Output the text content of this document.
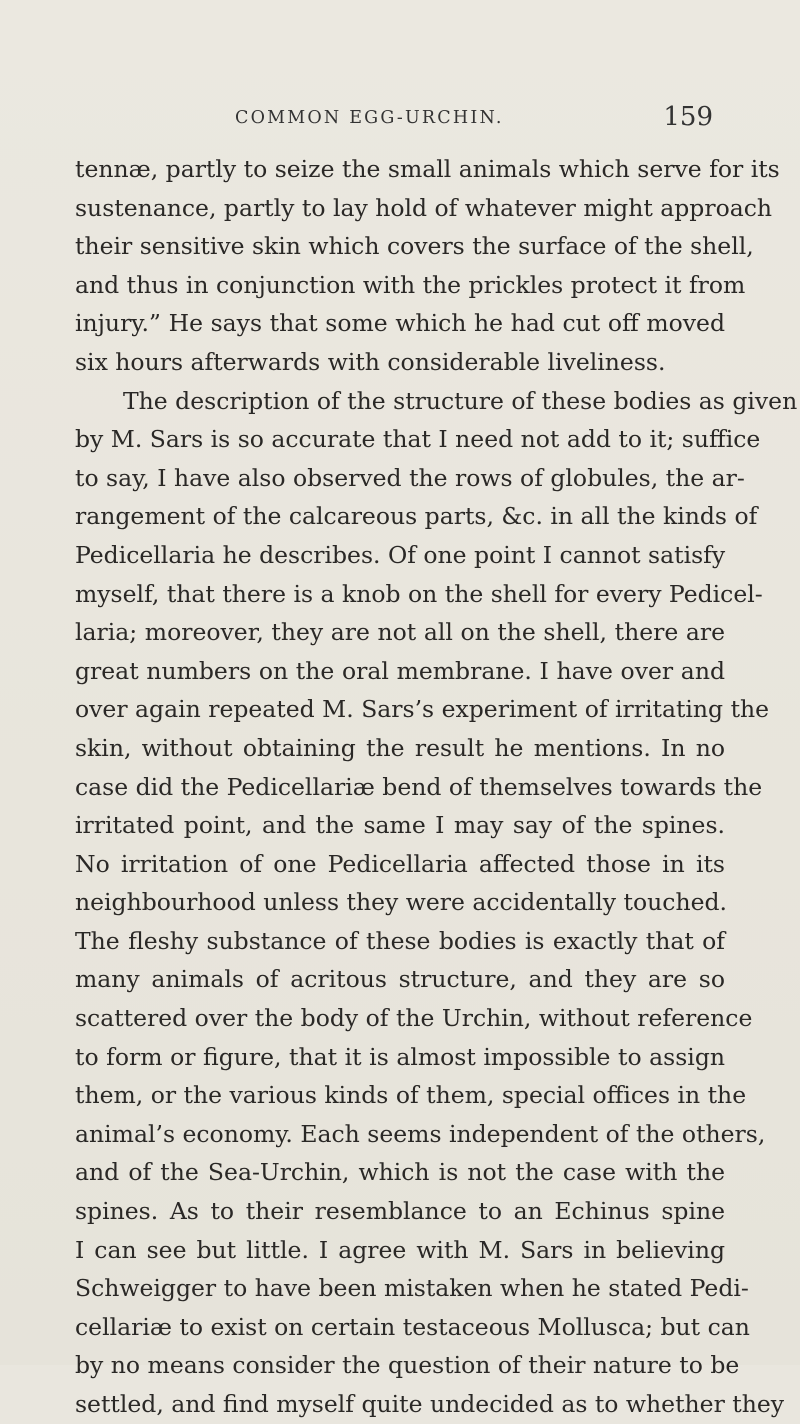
COMMON EGG-URCHIN.	159
tennæ, partly to seize the small animals which serve for its
sustenance, partly to lay hold of whatever might approach
their sensitive skin which covers the surface of the shell,
and thus in conjunction with the prickles protect it from
injury.” He says that some which he had cut off moved
six hours afterwards with considerable liveliness.
The description of the structure of these bodies as given
by M. Sars is so accurate that I need not add to it; suffice
to say, I have also observed the rows of globules, the ar-
rangement of the calcareous parts, &c. in all the kinds of
Pedicellaria he describes. Of one point I cannot satisfy
myself, that there is a knob on the shell for every Pedicel-
laria; moreover, they are not all on the shell, there are
great numbers on the oral membrane. I have over and
over again repeated M. Sars’s experiment of irritating the
skin, without obtaining the result he mentions. In no
case did the Pedicellariæ bend of themselves towards the
irritated point, and the same I may say of the spines.
No irritation of one Pedicellaria affected those in its
neighbourhood unless they were accidentally touched.
The fleshy substance of these bodies is exactly that of
many animals of acritous structure, and they are so
scattered over the body of the Urchin, without reference
to form or figure, that it is almost impossible to assign
them, or the various kinds of them, special offices in the
animal’s economy. Each seems independent of the others,
and of the Sea-Urchin, which is not the case with the
spines. As to their resemblance to an Echinus spine
I can see but little. I agree with M. Sars in believing
Schweigger to have been mistaken when he stated Pedi-
cellariæ to exist on certain testaceous Mollusca; but can
by no means consider the question of their nature to be
settled, and find myself quite undecided as to whether they
